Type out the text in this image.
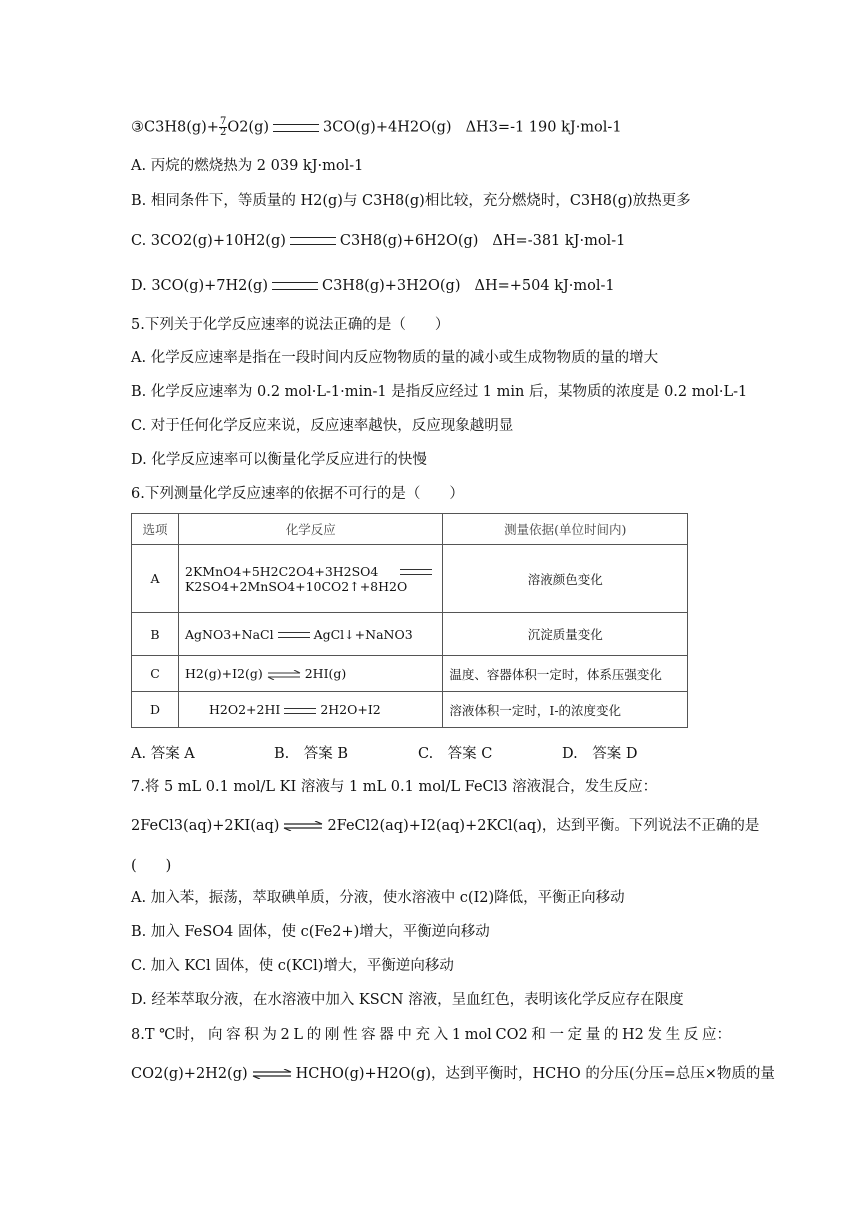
③C3H8(g)+ $\frac{7}{2} O2(g)$	3CO(g)+4H2O(g) ΔH3=-1 190 kJ·mol-1
A. 丙烷的燃烧热为 2 039 kJ·mol-1
B. 相同条件下，等质量的 H2(g)与 C3H8(g)相比较，充分燃烧时，C3H8(g)放热更多
C. 3CO2(g)+10H2(g)	C3H8(g)+6H2O(g) ΔH=-381 kJ·mol-1
D. 3CO(g)+7H2(g)	C3H8(g)+3H2O(g) ΔH=+504 kJ·mol-1
5.下列关于化学反应速率的说法正确的是（　　）
A. 化学反应速率是指在一段时间内反应物物质的量的减小或生成物物质的量的增大
B. 化学反应速率为 0.2 mol·L-1·min-1 是指反应经过 1 min 后，某物质的浓度是 0.2 mol·L-1
C. 对于任何化学反应来说，反应速率越快，反应现象越明显
D. 化学反应速率可以衡量化学反应进行的快慢
6.下列测量化学反应速率的依据不可行的是（　　）
选项	化学反应	测量依据(单位时间内)
A	2KMnO4+5H2C2O4+3H2SO4
K2SO4+2MnSO4+10CO2↑+8H2O	溶液颜色变化
B	AgNO3+NaCl AgCl↓+NaNO3	沉淀质量变化
C	H2(g)+I2(g) ⇌ 2HI(g)	温度、容器体积一定时，体系压强变化
D	H2O2+2HI 2H2O+I2	溶液体积一定时，I-的浓度变化
A. 答案 A	B.　答案 B	C.　答案 C	D.　答案 D
7.将 5 mL 0.1 mol/L KI 溶液与 1 mL 0.1 mol/L FeCl3 溶液混合，发生反应：
2FeCl3(aq)+2KI(aq) ⇌ 2FeCl2(aq)+I2(aq)+2KCl(aq)，达到平衡。下列说法不正确的是
(　　)
A. 加入苯，振荡，萃取碘单质，分液，使水溶液中 c(I2)降低，平衡正向移动
B. 加入 FeSO4 固体，使 c(Fe2+)增大，平衡逆向移动
C. 加入 KCl 固体，使 c(KCl)增大，平衡逆向移动
D. 经苯萃取分液，在水溶液中加入 KSCN 溶液，呈血红色，表明该化学反应存在限度
8.T ℃时， 向 容 积 为 2 L 的 刚 性 容 器 中 充 入 1 mol CO2 和 一 定 量 的 H2 发 生 反 应：
CO2(g)+2H2(g) ⇌ HCHO(g)+H2O(g)，达到平衡时，HCHO 的分压(分压=总压×物质的量
